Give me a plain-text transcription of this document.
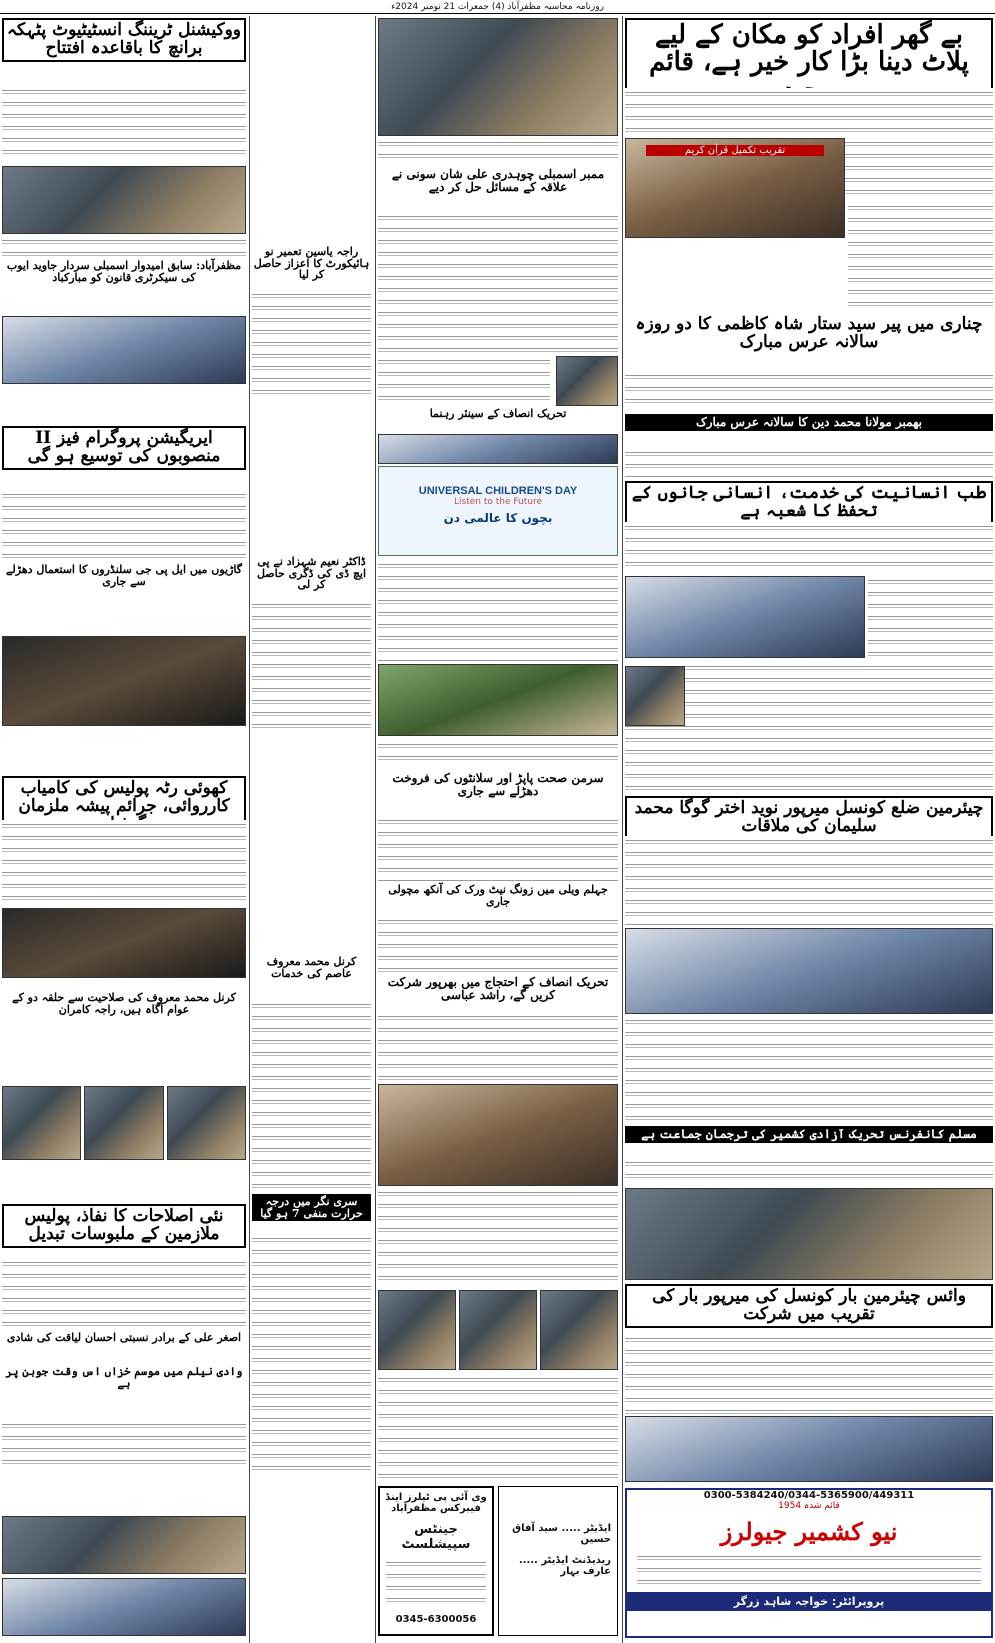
روزنامہ محاسبہ مظفرآباد (4) جمعرات 21 نومبر 2024ء
بے گھر افراد کو مکان کے لیے پلاٹ دینا بڑا کار خیر ہے، قائم
تقریب تکمیل قرآن کریم
چناری میں پیر سید ستار شاہ کاظمی کا دو روزہ سالانہ عرس مبارک
بھمبر مولانا محمد دین کا سالانہ عرس مبارک
طب انسانیت کی خدمت، انسانی جانوں کے تحفظ کا شعبہ ہے
چیئرمین ضلع کونسل میرپور نوید اختر گوگا محمد سلیمان کی ملاقات
مسلم کانفرنس تحریک آزادی کشمیر کی ترجمان جماعت ہے
وائس چیئرمین بار کونسل کی میرپور بار کی تقریب میں شرکت
0300-5384240/0344-5365900/449311
قائم شدہ 1954
نیو کشمیر جیولرز
پروپرائٹر: خواجہ شاہد زرگر
ممبر اسمبلی چوہدری علی شان سونی نے علاقہ کے مسائل حل کر دیے
تحریک انصاف کے سینئر رہنما
UNIVERSAL CHILDREN'S DAY
Listen to the Future
بچوں کا عالمی دن
سرمن صحت پاپڑ اور سلانٹوں کی فروخت دھڑلے سے جاری
جہلم ویلی میں زونگ نیٹ ورک کی آنکھ مچولی جاری
تحریک انصاف کے احتجاج میں بھرپور شرکت کریں گے، راشد عباسی
وی آئی پی ٹیلرز اینڈ فیبرکس مظفرآباد
جینٹس سپیشلسٹ
0345-6300056
ایڈیٹر ..... سید آفاق حسین
ریذیڈنٹ ایڈیٹر ..... عارف بہار
راجہ یاسین تعمیر نو ہائیکورٹ کا اعزاز حاصل کر لیا
ڈاکٹر نعیم شہزاد نے پی ایچ ڈی کی ڈگری حاصل کر لی
کرنل محمد معروف عاصم کی خدمات
سری نگر میں درجہ حرارت منفی 7 ہو گیا
ووکیشنل ٹریننگ انسٹیٹیوٹ پٹہکہ برانچ کا باقاعدہ افتتاح
مظفرآباد: سابق امیدوار اسمبلی سردار جاوید ایوب کی سیکرٹری قانون کو مبارکباد
ایریگیشن پروگرام فیز II منصوبوں کی توسیع ہو گی
گاڑیوں میں ایل پی جی سلنڈروں کا استعمال دھڑلے سے جاری
کھوئی رٹہ پولیس کی کامیاب کارروائی، جرائم پیشہ ملزمان
کرنل محمد معروف کی صلاحیت سے حلقہ دو کے عوام آگاہ ہیں، راجہ کامران
نئی اصلاحات کا نفاذ، پولیس ملازمین کے ملبوسات تبدیل
اصغر علی کے برادر نسبتی احسان لیاقت کی شادی
وادی نیلم میں موسم خزاں اس وقت جوبن پر ہے
